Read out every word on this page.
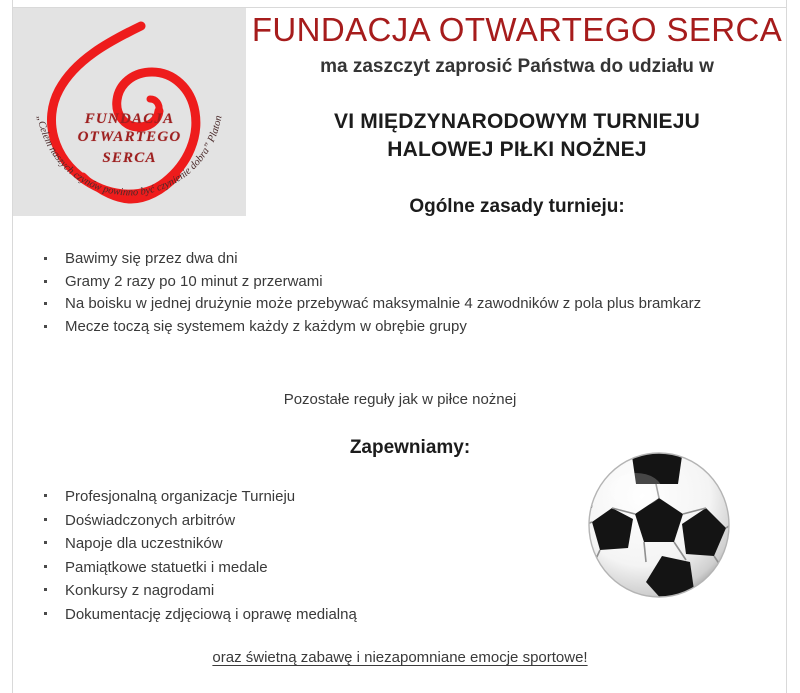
„Celem naszych czynów powinno być czynienie dobra” Platon
FUNDACJA
OTWARTEGO
SERCA
FUNDACJA OTWARTEGO SERCA
ma zaszczyt zaprosić Państwa do udziału w
VI MIĘDZYNARODOWYM TURNIEJU
HALOWEJ PIŁKI NOŻNEJ
Ogólne zasady turnieju:
Bawimy się przez dwa dni
Gramy 2 razy po 10 minut z przerwami
Na boisku w jednej drużynie może przebywać maksymalnie 4 zawodników z pola plus bramkarz
Mecze toczą się systemem każdy z każdym w obrębie grupy
Pozostałe reguły jak w piłce nożnej
Zapewniamy:
Profesjonalną organizacje Turnieju
Doświadczonych arbitrów
Napoje dla uczestników
Pamiątkowe statuetki i medale
Konkursy z nagrodami
Dokumentację zdjęciową i oprawę medialną
oraz świetną zabawę i niezapomniane emocje sportowe!
